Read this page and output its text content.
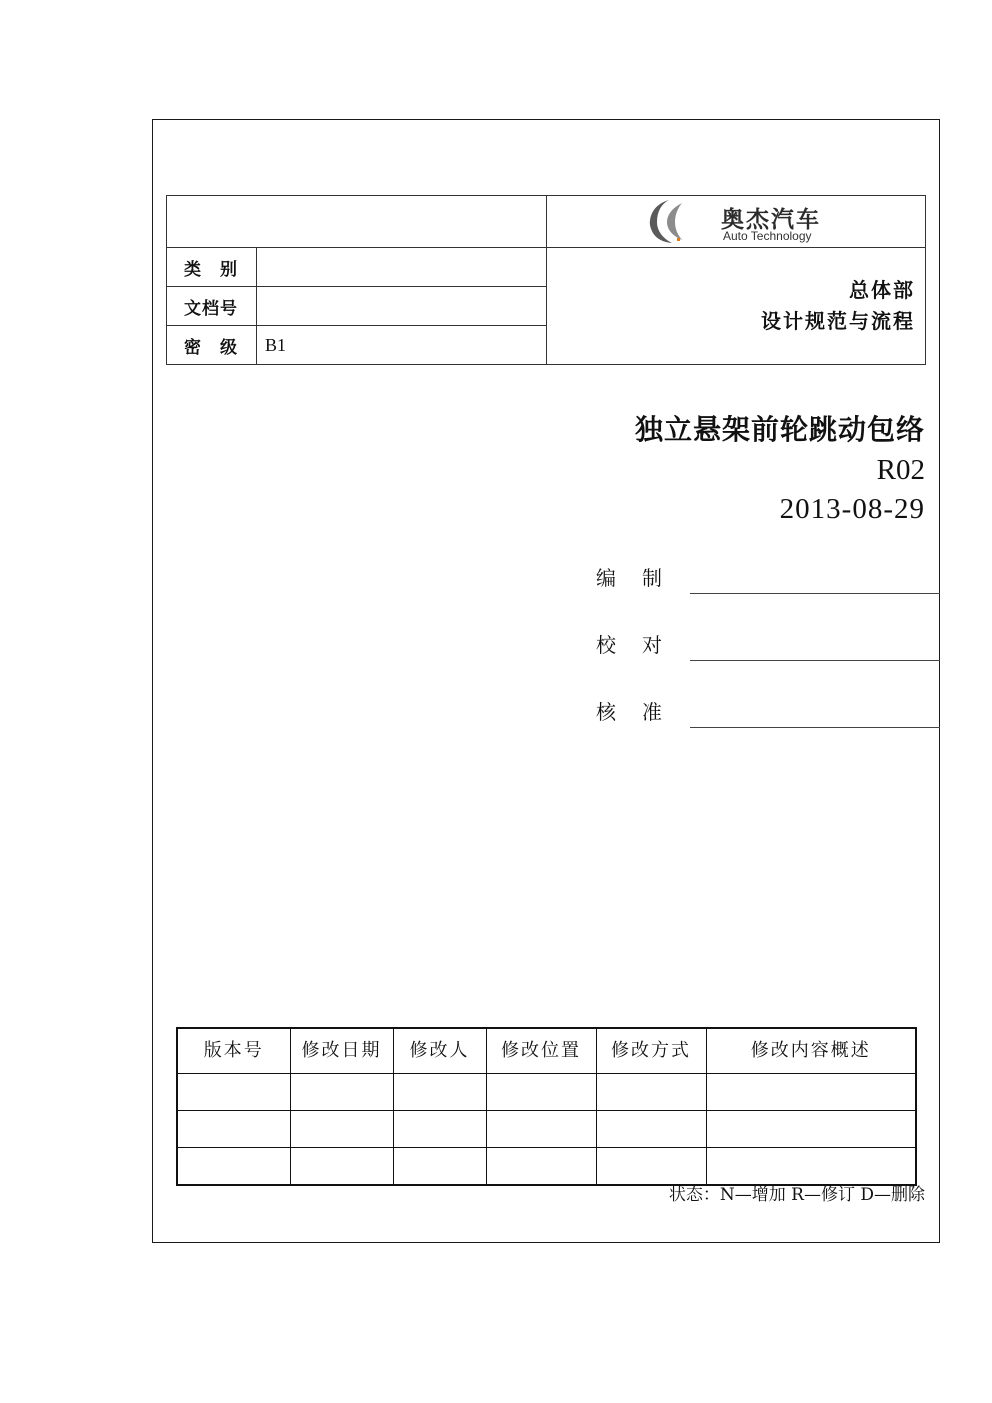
		奥杰汽车
Auto Technology

类　别		总体部
设计规范与流程

文档号		
密　级	B1	
独立悬架前轮跳动包络
R02
2013-08-29
编　制
校　对
核　准
版本号	修改日期	修改人	修改位置	修改方式	修改内容概述

状态：N—增加 R—修订 D—删除
